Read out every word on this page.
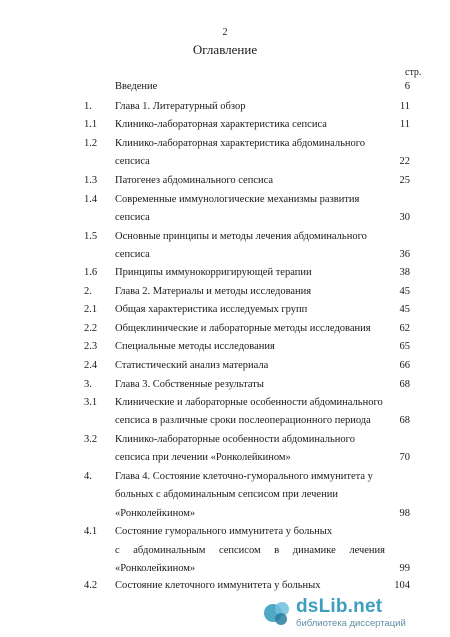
2
Оглавление
стр.
Введение	6
1. Глава 1. Литературный обзор	11
1.1 Клинико-лабораторная характеристика сепсиса	11
1.2 Клинико-лабораторная характеристика абдоминального
сепсиса	22
1.3 Патогенез абдоминального сепсиса	25
1.4 Современные иммунологические механизмы развития
сепсиса	30
1.5 Основные принципы и методы лечения абдоминального
сепсиса	36
1.6 Принципы иммунокорригирующей терапии	38
2. Глава 2. Материалы и методы исследования	45
2.1 Общая характеристика исследуемых групп	45
2.2 Общеклинические и лабораторные методы исследования	62
2.3 Специальные методы исследования	65
2.4 Статистический анализ материала	66
3. Глава 3. Собственные результаты	68
3.1 Клинические и лабораторные особенности абдоминального
сепсиса в различные сроки послеоперационного периода	68
3.2 Клинико-лабораторные особенности абдоминального
сепсиса при лечении «Ронколейкином»	70
4. Глава 4. Состояние клеточно-гуморального иммунитета у
больных с абдоминальным сепсисом при лечении
«Ронколейкином»	98
4.1 Состояние гуморального иммунитета у больных
с абдоминальным сепсисом в динамике лечения
«Ронколейкином»	99
4.2 Состояние клеточного иммунитета у больных	104
dsLib.net
библиотека диссертаций
